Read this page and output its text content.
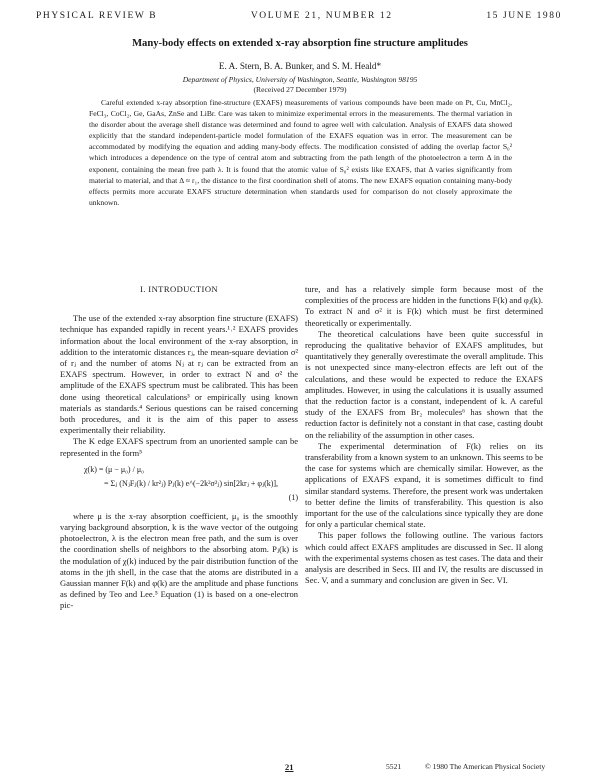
PHYSICAL REVIEW B	VOLUME 21, NUMBER 12	15 JUNE 1980
Many-body effects on extended x-ray absorption fine structure amplitudes
E. A. Stern, B. A. Bunker, and S. M. Heald*
Department of Physics, University of Washington, Seattle, Washington 98195
(Received 27 December 1979)
Careful extended x-ray absorption fine-structure (EXAFS) measurements of various compounds have been made on Pt, Cu, MnCl₂, FeCl₃, CoCl₂, Ge, GaAs, ZnSe and LiBr. Care was taken to minimize experimental errors in the measurements. The thermal variation in the disorder about the average shell distance was determined and found to agree well with calculation. Analysis of EXAFS data showed explicitly that the standard independent-particle model formulation of the EXAFS equation was in error. The measurement can be accommodated by modifying the equation and adding many-body effects. The modification consisted of adding the overlap factor S₀² which introduces a dependence on the type of central atom and subtracting from the path length of the photoelectron a term Δ in the exponent, containing the mean free path λ. It is found that the atomic value of S₀² exists like EXAFS, that Δ varies significantly from material to material, and that Δ ≈ r₁, the distance to the first coordination shell of atoms. The new EXAFS equation containing many-body effects permits more accurate EXAFS structure determination when standards used for comparison do not closely approximate the unknown.
I. INTRODUCTION

The use of the extended x-ray absorption fine structure (EXAFS) technique has expanded rapidly in recent years.¹˒² EXAFS provides information about the local environment of the x-ray absorption, in addition to the interatomic distances rⱼ, the mean-square deviation σ² of rⱼ and the number of atoms Nⱼ at rⱼ can be extracted from an EXAFS spectrum. However, in order to extract N and σ² the amplitude of the EXAFS spectrum must be calibrated. This has been done using theoretical calculations³ or empirically using known materials as standards.⁴ Serious questions can be raised concerning both procedures, and it is the aim of this paper to assess experimentally their reliability.

The K edge EXAFS spectrum from an unoriented sample can be represented in the form⁵

χ(k) = (μ − μ₀) / μ₀
= Σⱼ (NⱼFⱼ(k) / kr²ⱼ) Pⱼ(k) e^(−2k²σ²ⱼ) sin[2krⱼ + φⱼ(k)],
(1)

where μ is the x-ray absorption coefficient, μ₀ is the smoothly varying background absorption, k is the wave vector of the outgoing photoelectron, λ is the electron mean free path, and the sum is over the coordination shells of neighbors to the absorbing atom. Pⱼ(k) is the modulation of χ(k) induced by the pair distribution function of the atoms in the jth shell, in the case that the atoms are distributed in a Gaussian manner F(k) and φ(k) are the amplitude and phase functions as defined by Teo and Lee.⁵ Equation (1) is based on a one-electron pic-

ture, and has a relatively simple form because most of the complexities of the process are hidden in the functions F(k) and φⱼ(k). To extract N and σ² it is F(k) which must be first determined theoretically or experimentally.

The theoretical calculations have been quite successful in reproducing the qualitative behavior of EXAFS amplitudes, but quantitatively they generally overestimate the overall amplitude. This is not unexpected since many-electron effects are left out of the calculations, and these would be expected to reduce the EXAFS amplitudes. However, in using the calculations it is usually assumed that the reduction factor is a constant, independent of k. A careful study of the EXAFS from Br₂ molecules⁶ has shown that the reduction factor is definitely not a constant in that case, casting doubt on the reliability of the assumption in other cases.

The experimental determination of F(k) relies on its transferability from a known system to an unknown. This seems to be the case for systems which are chemically similar. However, as the applications of EXAFS expand, it is sometimes difficult to find similar standard systems. Therefore, the present work was undertaken to better define the limits of transferability. This question is also important for the use of the calculations since typically they are done for only a particular chemical state.

This paper follows the following outline. The various factors which could affect EXAFS amplitudes are discussed in Sec. II along with the experimental systems chosen as test cases. The data and their analysis are described in Secs. III and IV, the results are discussed in Sec. V, and a summary and conclusion are given in Sec. VI.

21	5521	© 1980 The American Physical Society
